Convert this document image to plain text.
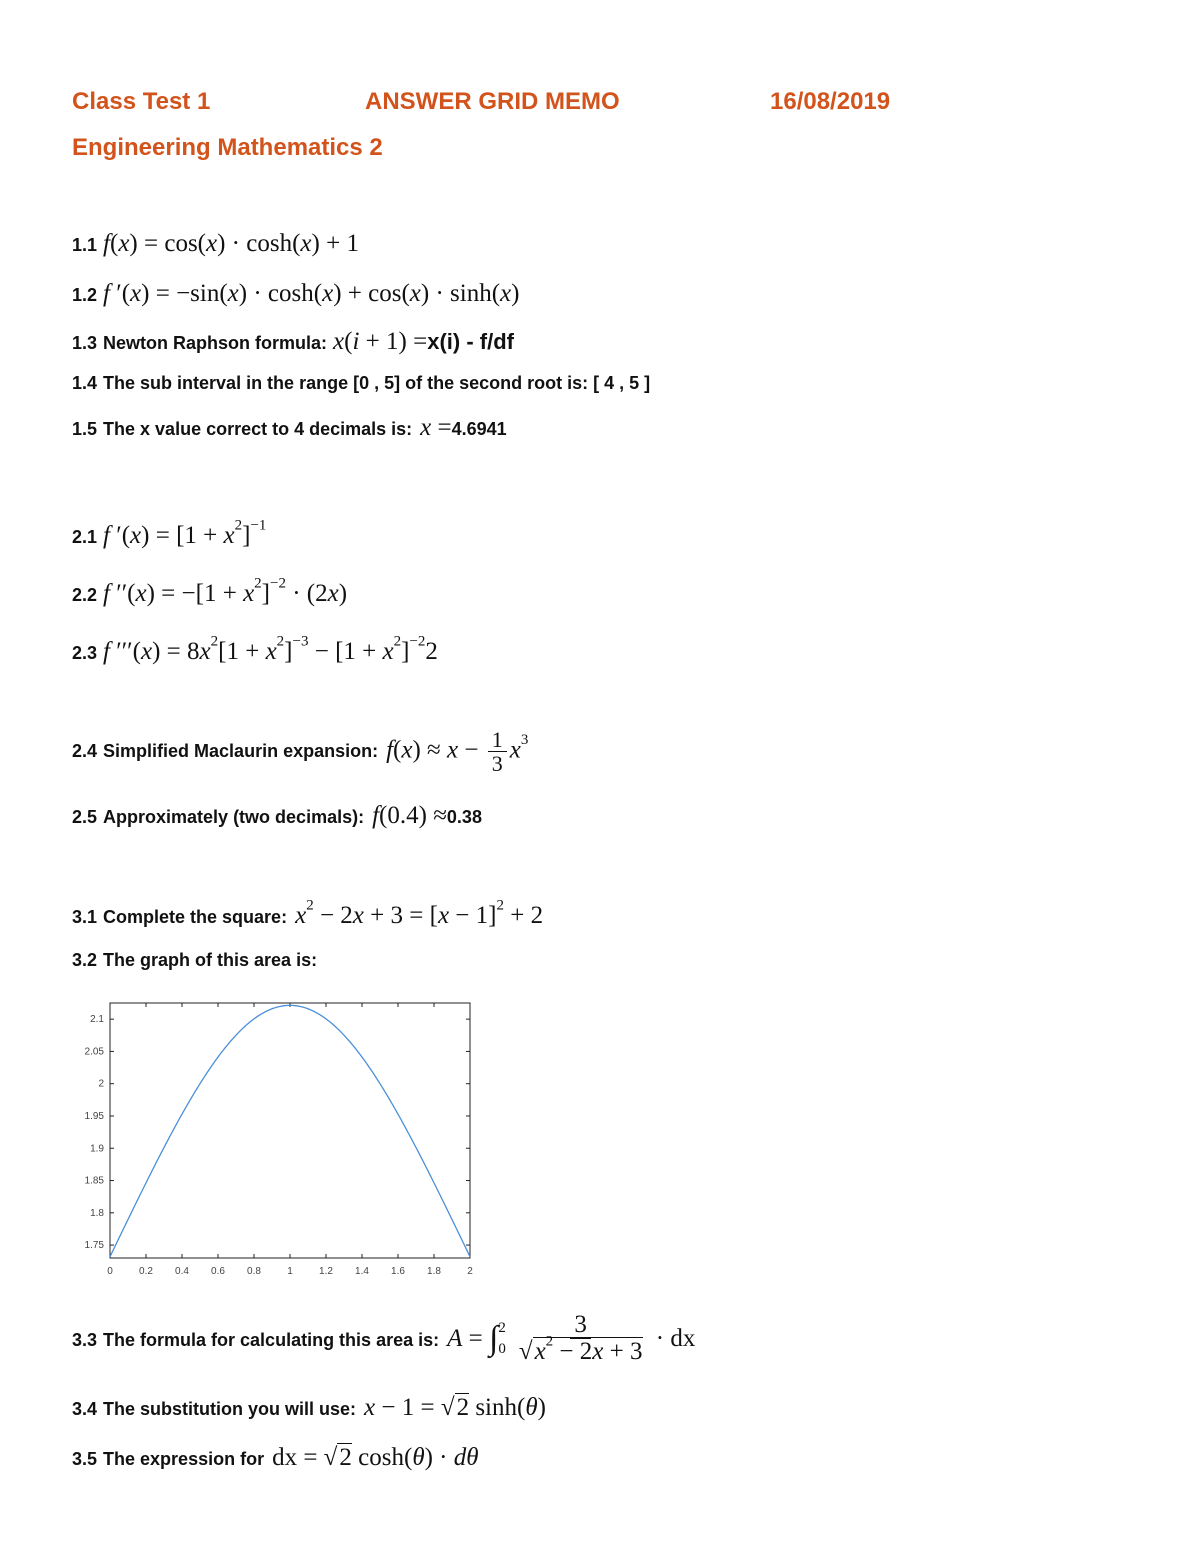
Class Test 1	ANSWER GRID MEMO	16/08/2019
Engineering Mathematics 2
1.1 f(x) = cos(x) · cosh(x) + 1
1.2 f ′(x) = −sin(x) · cosh(x) + cos(x) · sinh(x)
1.3 Newton Raphson formula: x(i + 1) = x(i) - f/df
1.4 The sub interval in the range [0 , 5] of the second root is: [ 4 , 5 ]
1.5 The x value correct to 4 decimals is: x = 4.6941
2.1 f $'(x) = [1 + x^2]^{-1}$
2.2 f $''(x) = -[1 + x^2]^{-2} \cdot (2x)$
2.3 f $'''(x) = 8x^2[1 + x^2]^{-3} - [1 + x^2]^{-2}2$
2.4 Simplified Maclaurin expansion: $f(x) \approx x - \frac{1}{3} x^3$
2.5 Approximately (two decimals): f(0.4) ≈ 0.38
3.1 Complete the square: $x^2 - 2x + 3 = [x - 1]^2 + 2$
3.2 The graph of this area is:
0	0.2 0.4 0.6 0.8	1	1.2 1.4 1.6 1.8	2
1.75
1.8
1.85
1.9
1.95
2
2.05
2.1
3.3 The formula for calculating this area is: A = ∫ 2
$0 \frac{3}{√x^2 - 2x + 3}$ · dx
3.4 The substitution you will use: x − 1 = √2 sinh(θ)
3.5 The expression for dx = √2 cosh(θ) · dθ
